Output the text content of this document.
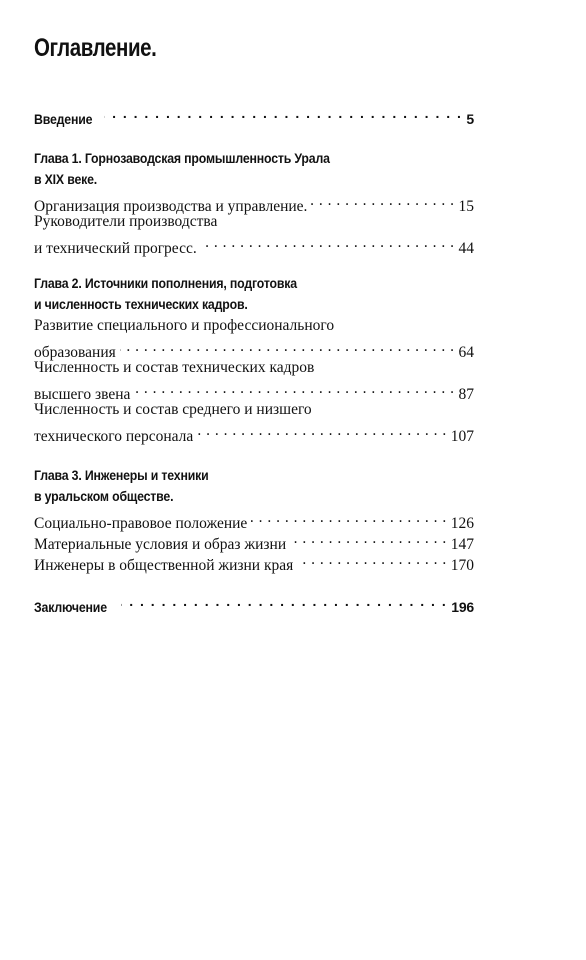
Оглавление.
Введение . . .	5
Глава 1. Горнозаводская промышленность Урала
в XIX веке.
Организация производства и управление. . . .	15
Руководители производства
и технический прогресс. . . .	44
Глава 2. Источники пополнения, подготовка
и численность технических кадров.
Развитие специального и профессионального
образования . . .	64
Численность и состав технических кадров
высшего звена . . .	87
Численность и состав среднего и низшего
технического персонала . . .	107
Глава 3. Инженеры и техники
в уральском обществе.
Социально-правовое положение . . .	126
Материальные условия и образ жизни . . .	147
Инженеры в общественной жизни края . . .	170
Заключение . . .	196
